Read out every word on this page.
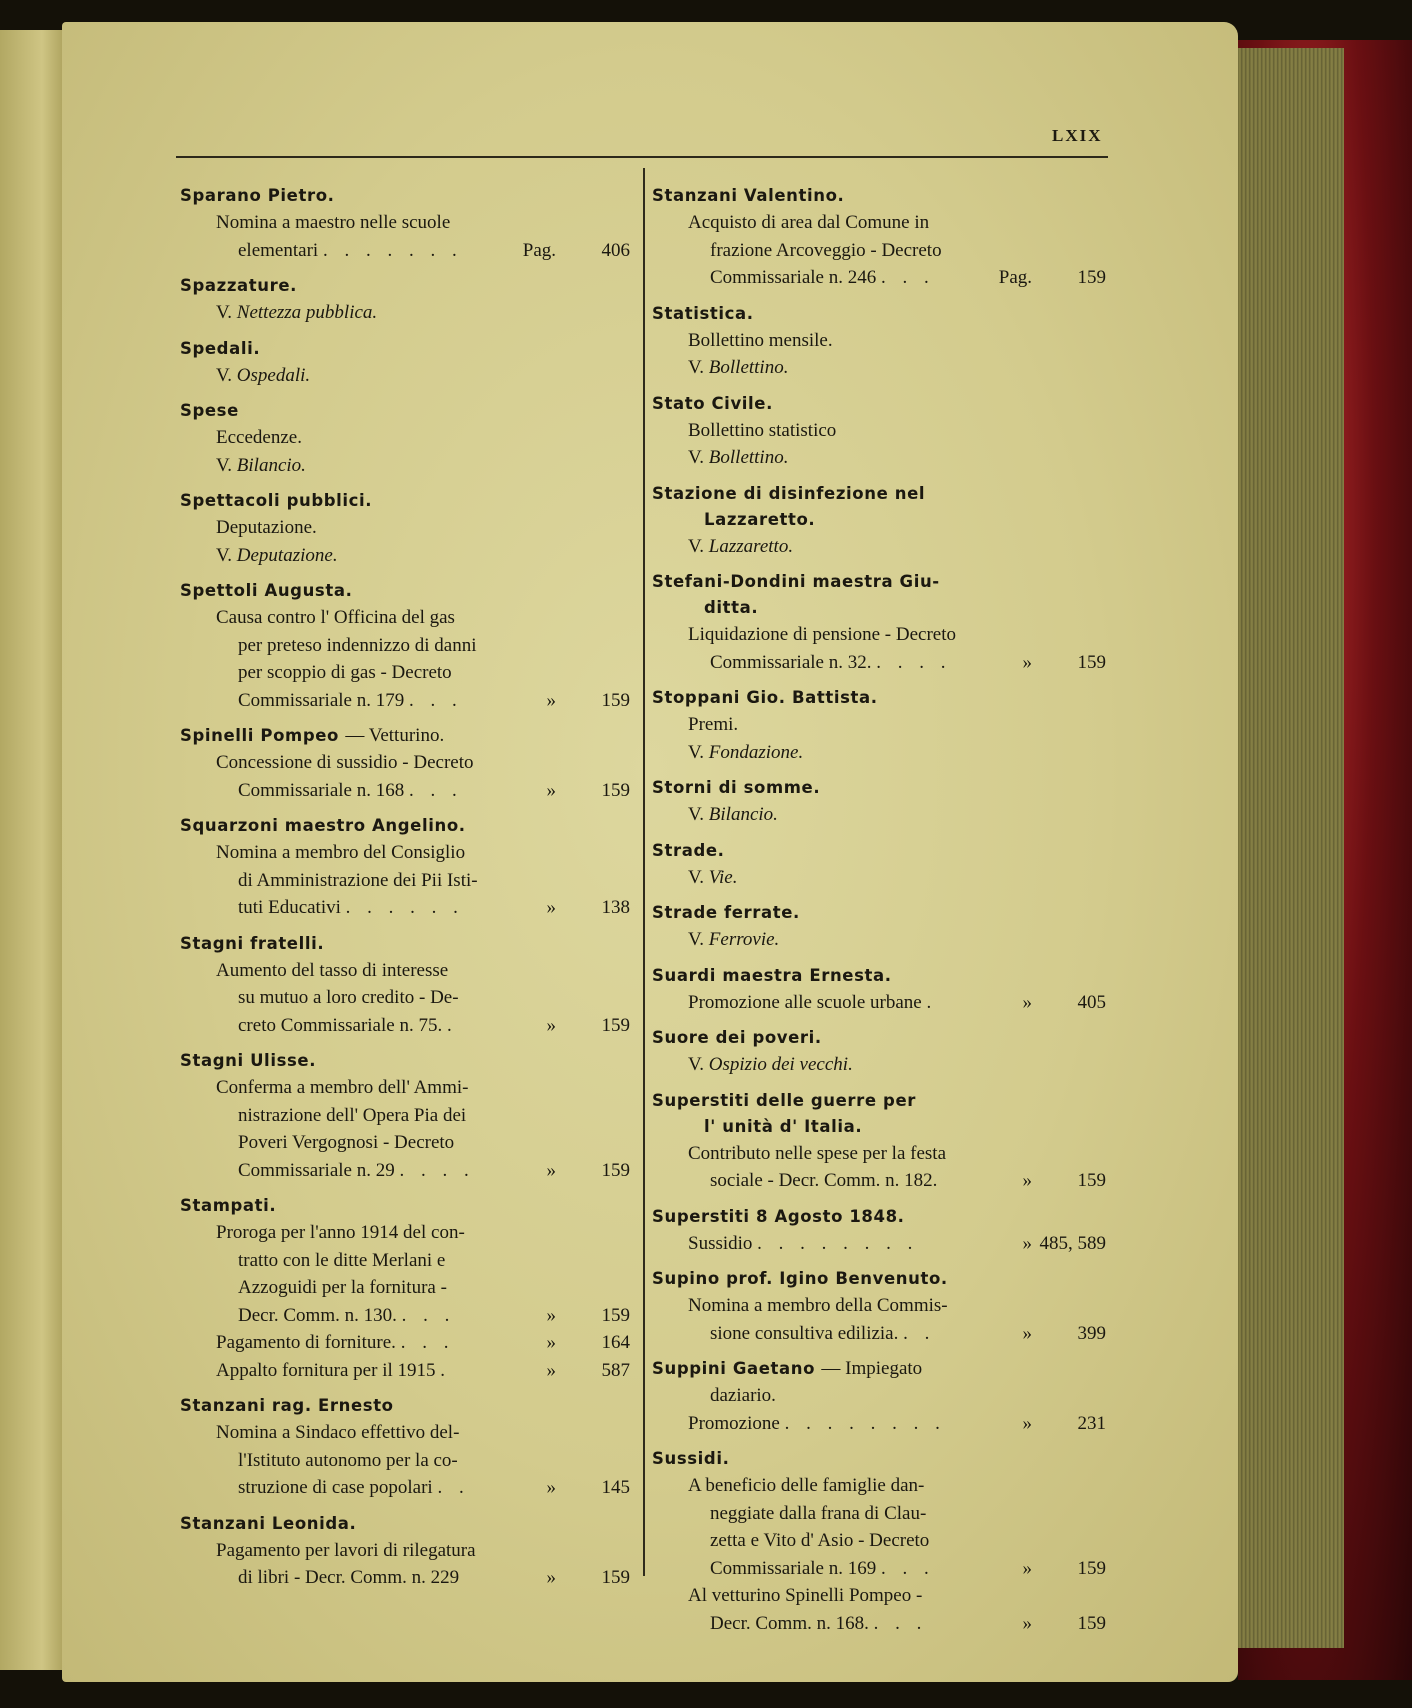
LXIX
Sparano Pietro.
Nomina a maestro nelle scuole
elementari . . . . . . .	Pag. 406
Spazzature.
V. Nettezza pubblica.
Spedali.
V. Ospedali.
Spese
Eccedenze.
V. Bilancio.
Spettacoli pubblici.
Deputazione.
V. Deputazione.
Spettoli Augusta.
Causa contro l' Officina del gas
per preteso indennizzo di danni
per scoppio di gas - Decreto
Commissariale n. 179 . . .	» 159
Spinelli Pompeo — Vetturino.
Concessione di sussidio - Decreto
Commissariale n. 168 . . .	» 159
Squarzoni maestro Angelino.
Nomina a membro del Consiglio
di Amministrazione dei Pii Isti-
tuti Educativi . . . . . .	» 138
Stagni fratelli.
Aumento del tasso di interesse
su mutuo a loro credito - De-
creto Commissariale n. 75. .	» 159
Stagni Ulisse.
Conferma a membro dell' Ammi-
nistrazione dell' Opera Pia dei
Poveri Vergognosi - Decreto
Commissariale n. 29 . . . .	» 159
Stampati.
Proroga per l'anno 1914 del con-
tratto con le ditte Merlani e
Azzoguidi per la fornitura -
Decr. Comm. n. 130. . . .	» 159
Pagamento di forniture. . . .	» 164
Appalto fornitura per il 1915 .	» 587
Stanzani rag. Ernesto
Nomina a Sindaco effettivo del-
l'Istituto autonomo per la co-
struzione di case popolari . .	» 145
Stanzani Leonida.
Pagamento per lavori di rilegatura
di libri - Decr. Comm. n. 229	» 159
Stanzani Valentino.
Acquisto di area dal Comune in
frazione Arcoveggio - Decreto
Commissariale n. 246 . . .	Pag. 159
Statistica.
Bollettino mensile.
V. Bollettino.
Stato Civile.
Bollettino statistico
V. Bollettino.
Stazione di disinfezione nel
Lazzaretto.
V. Lazzaretto.
Stefani-Dondini maestra Giu-
ditta.
Liquidazione di pensione - Decreto
Commissariale n. 32. . . . .	» 159
Stoppani Gio. Battista.
Premi.
V. Fondazione.
Storni di somme.
V. Bilancio.
Strade.
V. Vie.
Strade ferrate.
V. Ferrovie.
Suardi maestra Ernesta.
Promozione alle scuole urbane .	» 405
Suore dei poveri.
V. Ospizio dei vecchi.
Superstiti delle guerre per
l' unità d' Italia.
Contributo nelle spese per la festa
sociale - Decr. Comm. n. 182.	» 159
Superstiti 8 Agosto 1848.
Sussidio . . . . . . . .	» 485, 589
Supino prof. Igino Benvenuto.
Nomina a membro della Commis-
sione consultiva edilizia. . .	» 399
Suppini Gaetano — Impiegato
daziario.
Promozione . . . . . . . .	» 231
Sussidi.
A beneficio delle famiglie dan-
neggiate dalla frana di Clau-
zetta e Vito d' Asio - Decreto
Commissariale n. 169 . . .	» 159
Al vetturino Spinelli Pompeo -
Decr. Comm. n. 168. . . .	» 159
